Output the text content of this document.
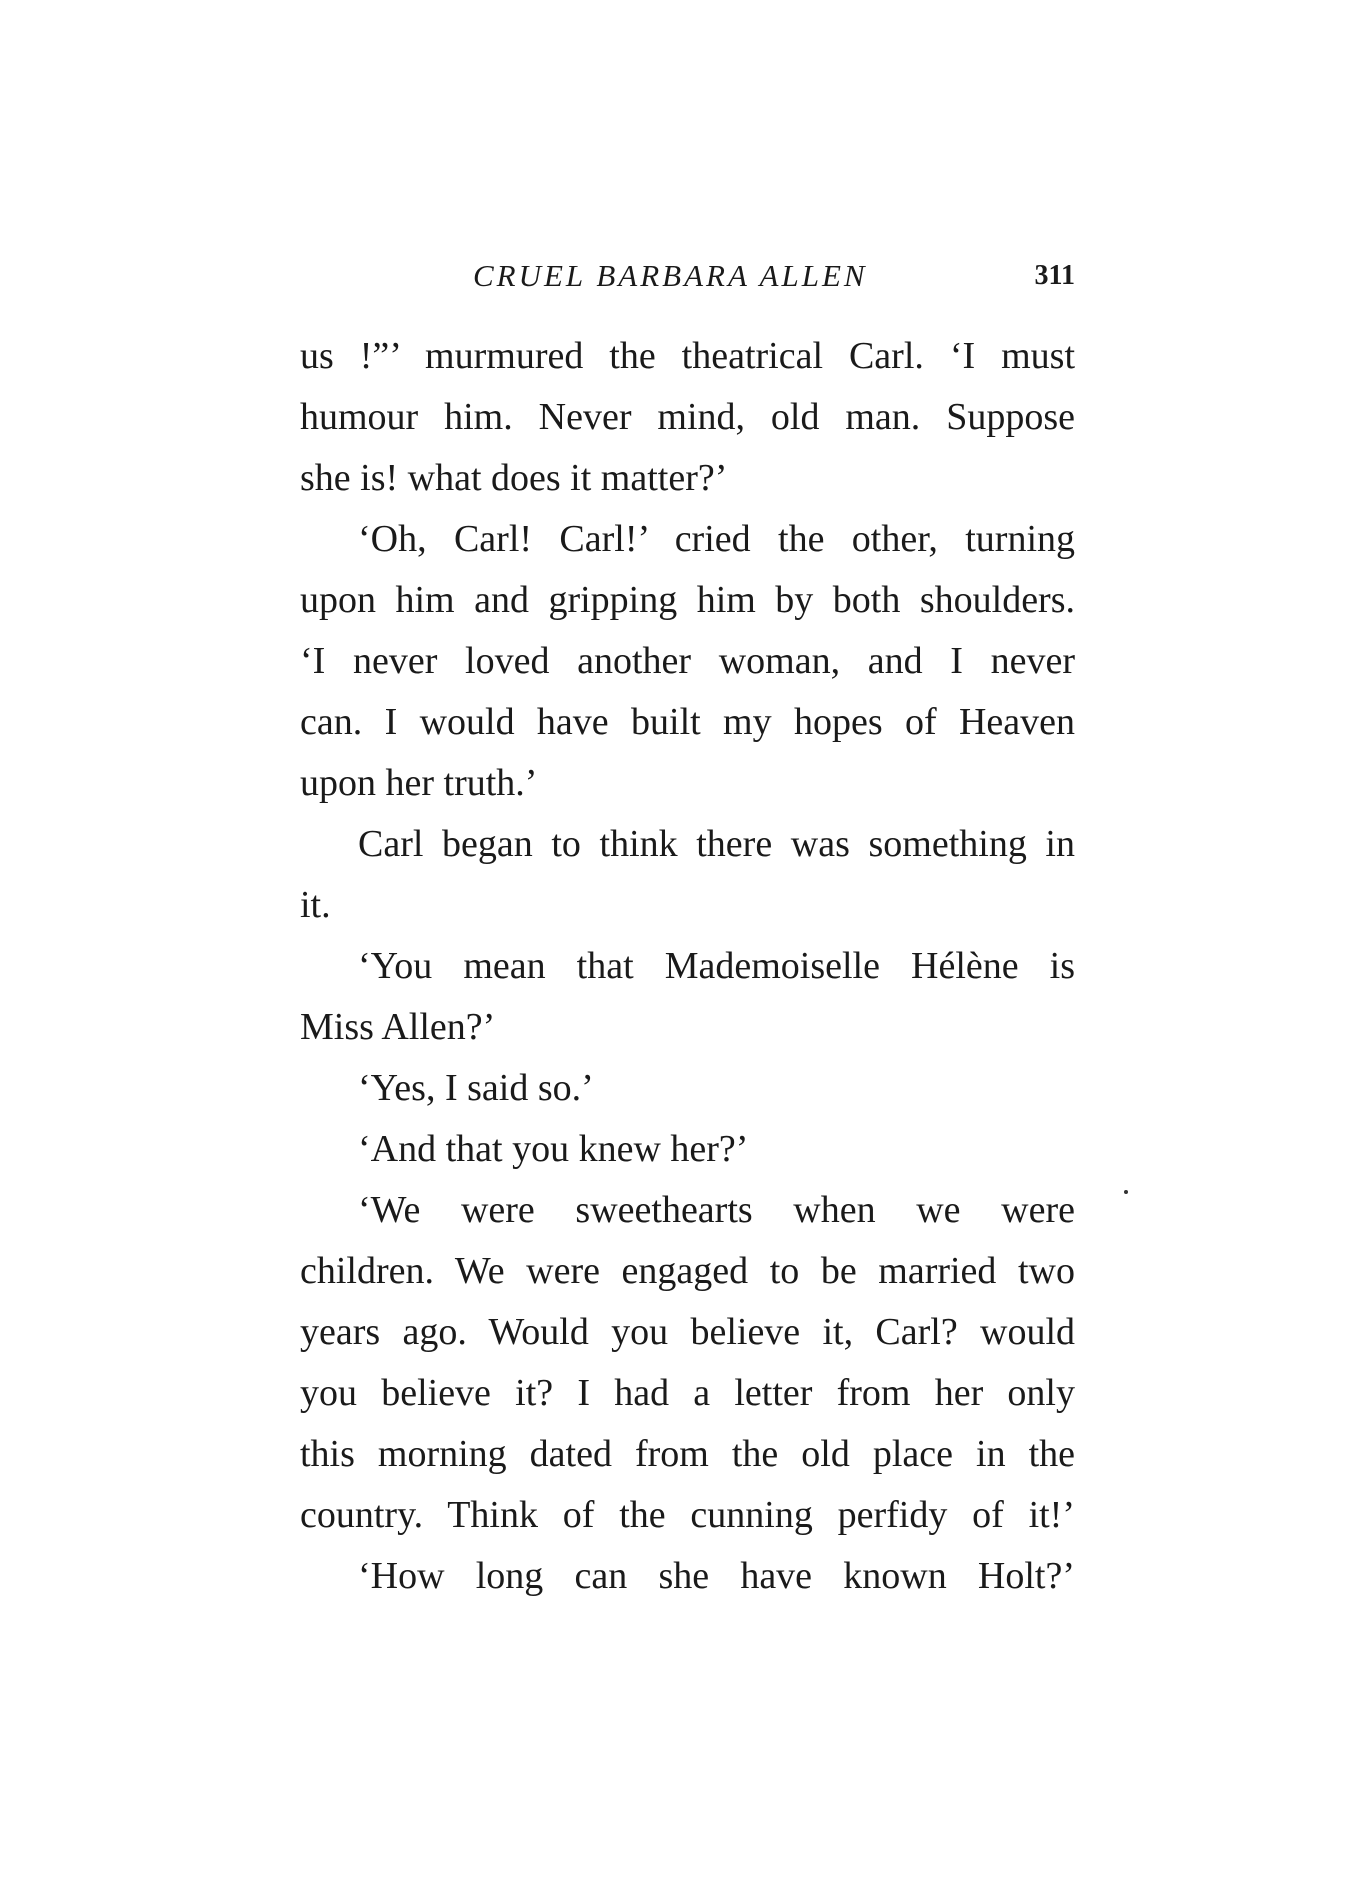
CRUEL BARBARA ALLEN	311
us !”’ murmured the theatrical Carl. ‘I must
humour him. Never mind, old man. Suppose
she is! what does it matter?’
‘Oh, Carl! Carl!’ cried the other, turning
upon him and gripping him by both shoulders.
‘I never loved another woman, and I never
can. I would have built my hopes of Heaven
upon her truth.’
Carl began to think there was something in
it.
‘You mean that Mademoiselle Hélène is
Miss Allen?’
‘Yes, I said so.’
‘And that you knew her?’
‘We were sweethearts when we were
children. We were engaged to be married two
years ago. Would you believe it, Carl? would
you believe it? I had a letter from her only
this morning dated from the old place in the
country. Think of the cunning perfidy of it!’
‘How long can she have known Holt?’
